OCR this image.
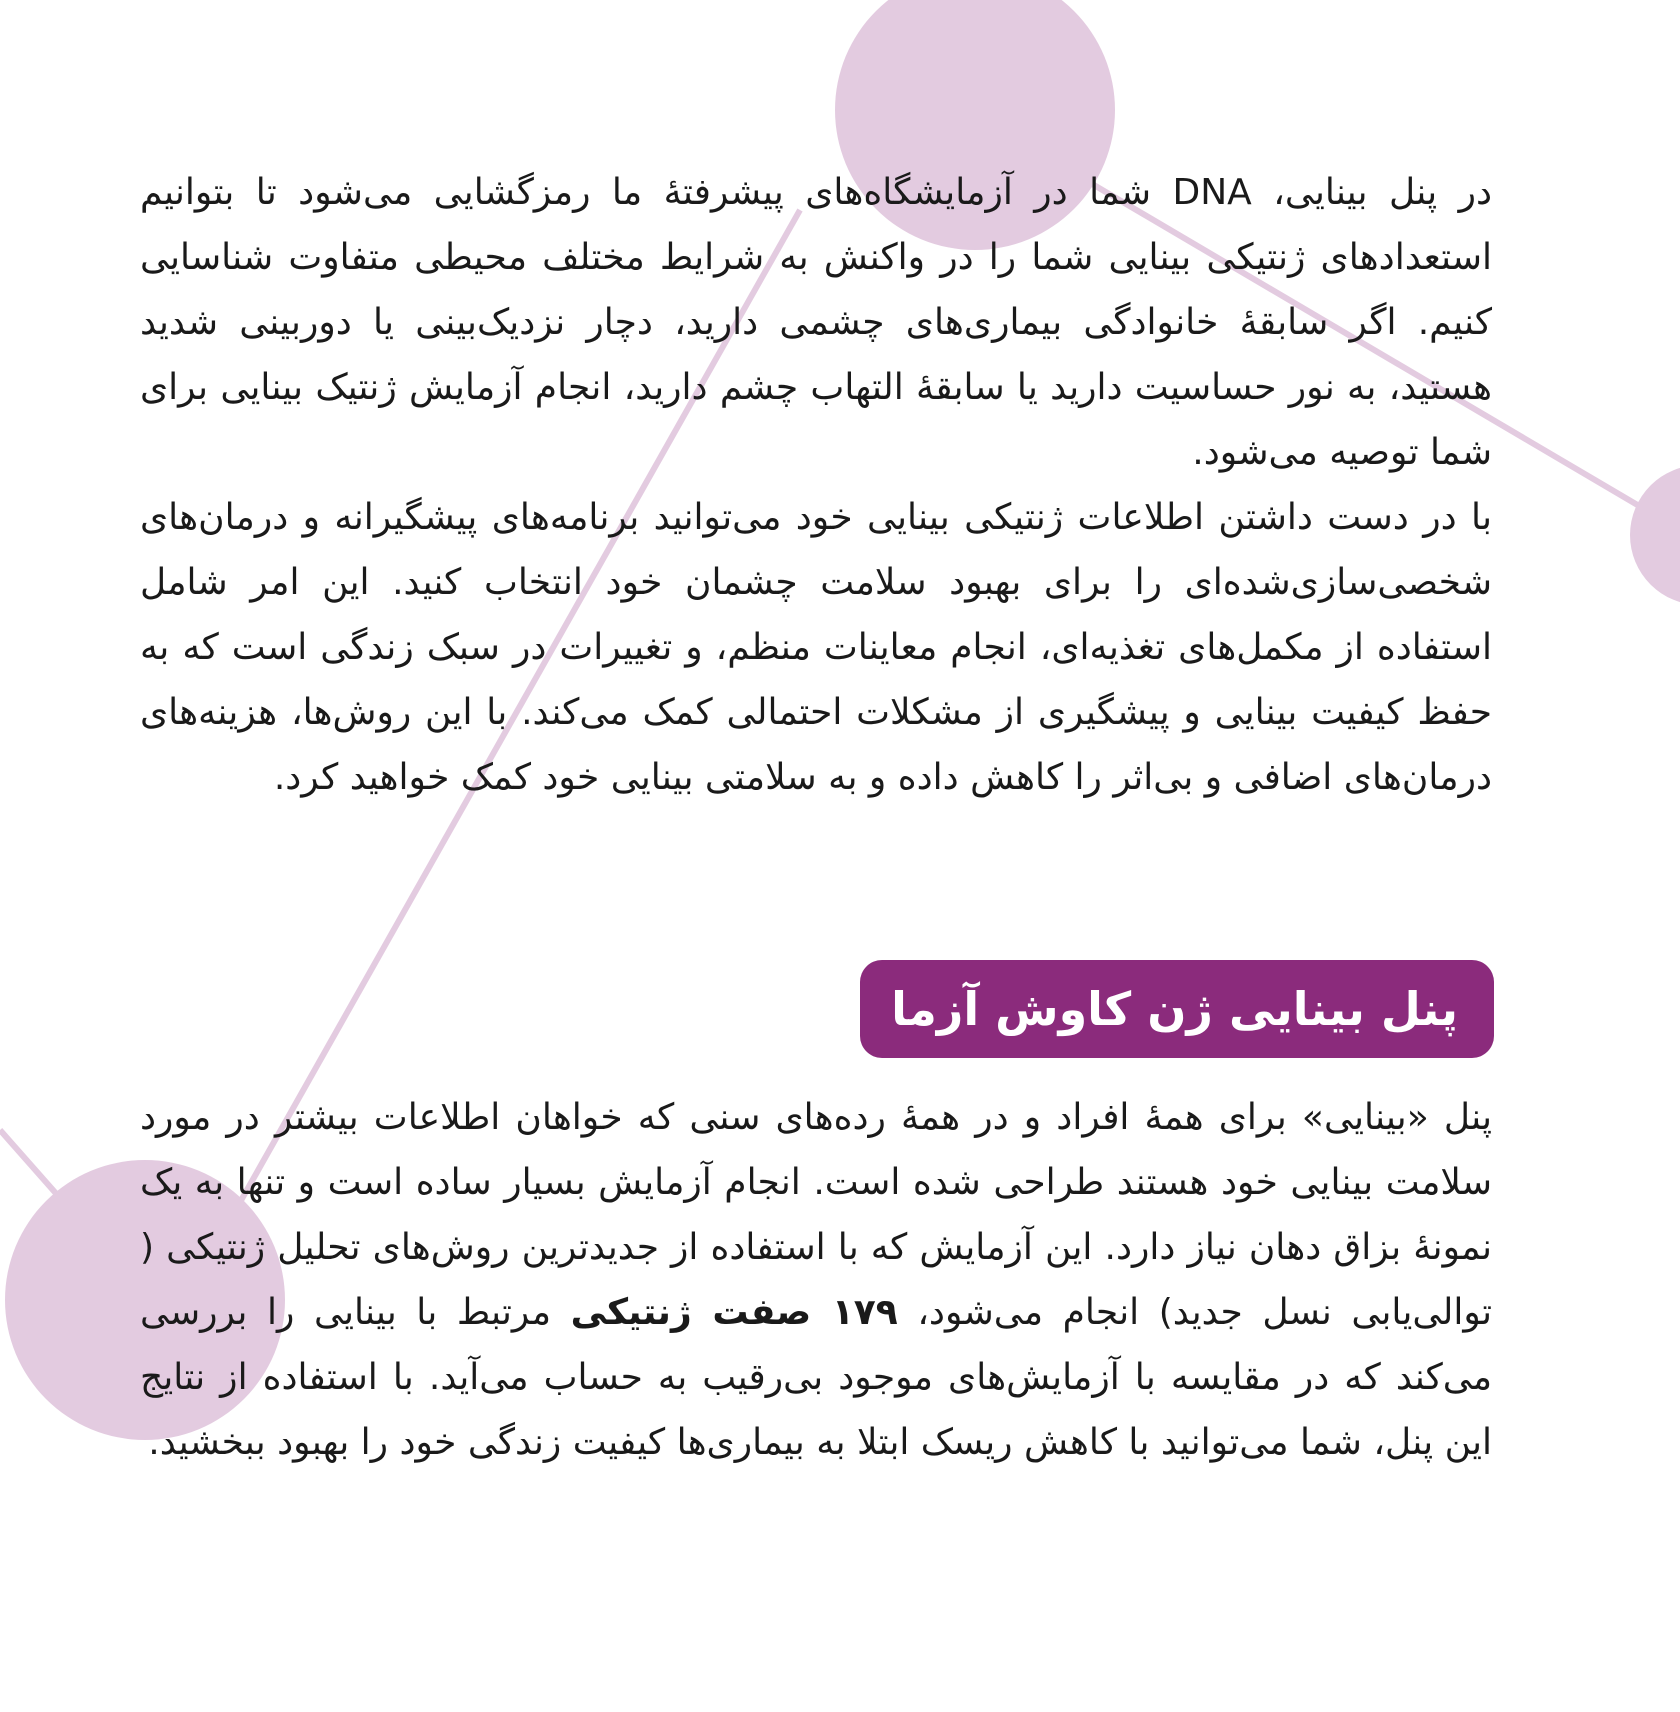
در پنل بینایی، DNA شما در آزمایشگاه‌های پیشرفتهٔ ما رمزگشایی می‌شود تا بتوانیم استعدادهای ژنتیکی بینایی شما را در واکنش به شرایط مختلف محیطی متفاوت شناسایی کنیم. اگر سابقهٔ خانوادگی بیماری‌های چشمی دارید، دچار نزدیک‌بینی یا دوربینی شدید هستید، به نور حساسیت دارید یا سابقهٔ التهاب چشم دارید، انجام آزمایش ژنتیک بینایی برای شما توصیه می‌شود.

با در دست داشتن اطلاعات ژنتیکی بینایی خود می‌توانید برنامه‌های پیشگیرانه و درمان‌های شخصی‌سازی‌شده‌ای را برای بهبود سلامت چشمان خود انتخاب کنید. این امر شامل استفاده از مکمل‌های تغذیه‌ای، انجام معاینات منظم، و تغییرات در سبک زندگی است که به حفظ کیفیت بینایی و پیشگیری از مشکلات احتمالی کمک می‌کند. با این روش‌ها، هزینه‌های درمان‌های اضافی و بی‌اثر را کاهش داده و به سلامتی بینایی خود کمک خواهید کرد.

پنل بینایی ژن کاوش آزما

پنل «بینایی» برای همهٔ افراد و در همهٔ رده‌های سنی که خواهان اطلاعات بیشتر در مورد سلامت بینایی خود هستند طراحی شده است. انجام آزمایش بسیار ساده است و تنها به یک نمونهٔ بزاق دهان نیاز دارد. این آزمایش که با استفاده از جدیدترین روش‌های تحلیل ژنتیکی ( توالی‌یابی نسل جدید) انجام می‌شود، ۱۷۹ صفت ژنتیکی مرتبط با بینایی را بررسی می‌کند که در مقایسه با آزمایش‌های موجود بی‌رقیب به حساب می‌آید. با استفاده از نتایج این پنل، شما می‌توانید با کاهش ریسک ابتلا به بیماری‌ها کیفیت زندگی خود را بهبود ببخشید.
